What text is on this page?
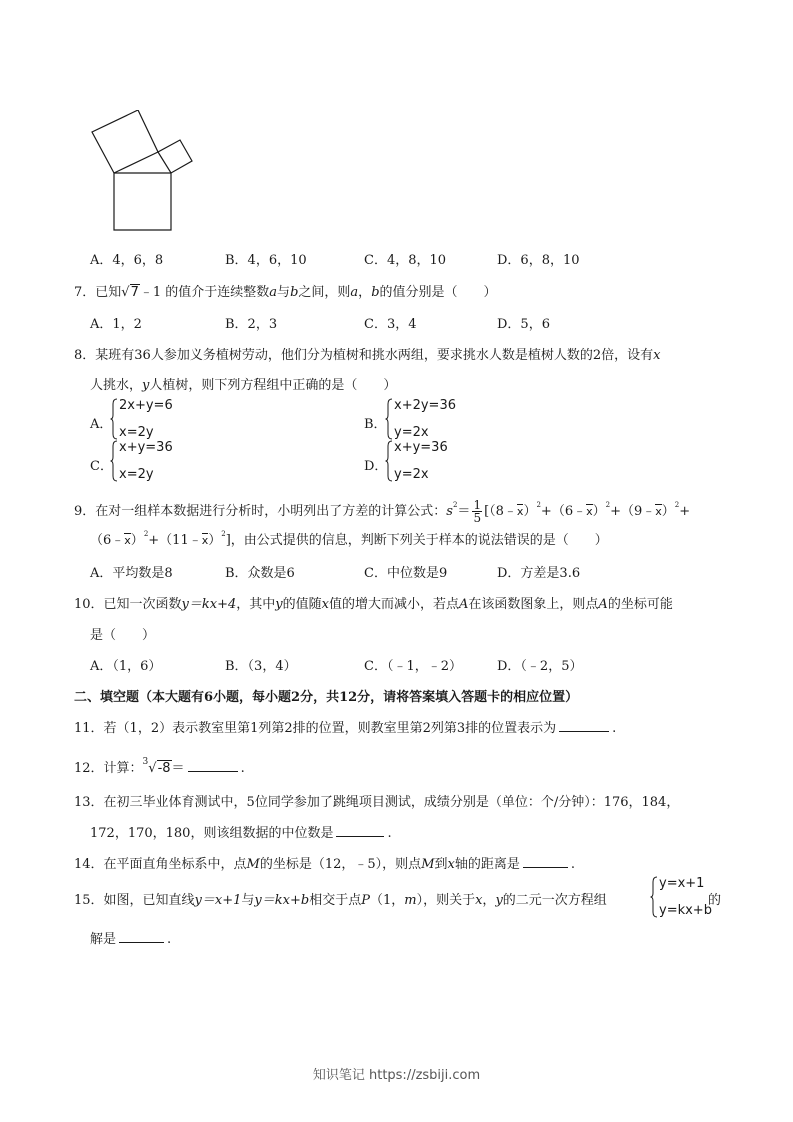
A．4，6，8	B．4，6，10	C．4，8，10	D．6，8，10
7．已知√7﹣1 的值介于连续整数a与b之间，则a，b的值分别是（　　）
A．1，2	B．2，3	C．3，4	D．5，6
8．某班有36人参加义务植树劳动，他们分为植树和挑水两组，要求挑水人数是植树人数的2倍，设有x
人挑水，y人植树，则下列方程组中正确的是（　　）
A．
2x+y=6
x=2y
B．
x+2y=36
y=2x
C．
x+y=36
x=2y
D．
x+y=36
y=2x
9．在对一组样本数据进行分析时，小明列出了方差的计算公式：$s^2= \frac{1}{5}$ [（8﹣x）$^2$+（6﹣x）$^2$+（9﹣x）$^2$+
（6﹣x）$^2$+（11﹣x）$^2$]，由公式提供的信息，判断下列关于样本的说法错误的是（　　）
A．平均数是8	B．众数是6	C．中位数是9	D．方差是3.6
10．已知一次函数y＝kx+4，其中y的值随x值的增大而减小，若点A在该函数图象上，则点A的坐标可能
是（　　）
A．（1，6）	B．（3，4）	C．（﹣1，﹣2）	D．（﹣2，5）
二、填空题（本大题有6小题，每小题2分，共12分，请将答案填入答题卡的相应位置）
11．若（1，2）表示教室里第1列第2排的位置，则教室里第2列第3排的位置表示为	.
12．计算：$^3$√-8＝	.
13．在初三毕业体育测试中，5位同学参加了跳绳项目测试，成绩分别是（单位：个/分钟）：176，184，
172，170，180，则该组数据的中位数是	.
14．在平面直角坐标系中，点M的坐标是（12，﹣5），则点M到x轴的距离是	.
15．如图，已知直线y＝x+1与y＝kx+b相交于点P（1，m），则关于x，y的二元一次方程组
y=x+1
y=kx+b
的
解是	.
知识笔记 https://zsbiji.com
